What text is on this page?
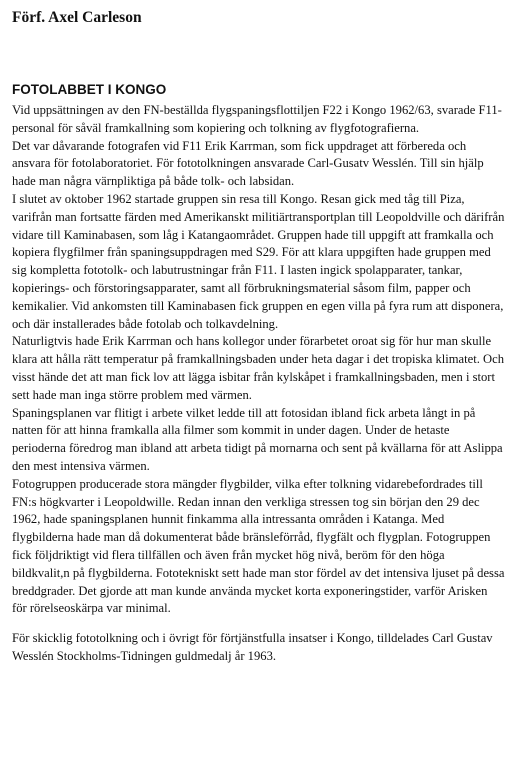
Förf. Axel Carleson
FOTOLABBET I KONGO
Vid uppsättningen av den FN-beställda flygspaningsflottiljen F22 i Kongo 1962/63, svarade F11-
personal för såväl framkallning som kopiering och tolkning av flygfotografierna.
Det var dåvarande fotografen vid F11 Erik Karrman, som fick uppdraget att förbereda och
ansvara för fotolaboratoriet. För fototolkningen ansvarade Carl-Gusatv Wesslén. Till sin hjälp
hade man några värnpliktiga på både tolk- och labsidan.
I slutet av oktober 1962 startade gruppen sin resa till Kongo. Resan gick med tåg till Piza,
varifrån man fortsatte färden med Amerikanskt militiärtransportplan till Leopoldville och därifrån
vidare till Kaminabasen, som låg i Katangaområdet. Gruppen hade till uppgift att framkalla och
kopiera flygfilmer från spaningsuppdragen med S29. För att klara uppgiften hade gruppen med
sig kompletta fototolk- och labutrustningar från F11. I lasten ingick spolapparater, tankar,
kopierings- och förstoringsapparater, samt all förbrukningsmaterial såsom film, papper och
kemikalier. Vid ankomsten till Kaminabasen fick gruppen en egen villa på fyra rum att disponera,
och där installerades både fotolab och tolkavdelning.
Naturligtvis hade Erik Karrman och hans kollegor under förarbetet oroat sig för hur man skulle
klara att hålla rätt temperatur på framkallningsbaden under heta dagar i det tropiska klimatet. Och
visst hände det att man fick lov att lägga isbitar från kylskåpet i framkallningsbaden, men i stort
sett hade man inga större problem med värmen.
Spaningsplanen var flitigt i arbete vilket ledde till att fotosidan ibland fick arbeta långt in på
natten för att hinna framkalla alla filmer som kommit in under dagen. Under de hetaste
perioderna föredrog man ibland att arbeta tidigt på mornarna och sent på kvällarna för att Aslippa
den mest intensiva värmen.
Fotogruppen producerade stora mängder flygbilder, vilka efter tolkning vidarebefordrades till
FN:s högkvarter i Leopoldwille. Redan innan den verkliga stressen tog sin början den 29 dec
1962, hade spaningsplanen hunnit finkamma alla intressanta områden i Katanga. Med
flygbilderna hade man då dokumenterat både bränsleförråd, flygfält och flygplan. Fotogruppen
fick följdriktigt vid flera tillfällen och även från mycket hög nivå, beröm för den höga
bildkvalit,n på flygbilderna. Fototekniskt sett hade man stor fördel av det intensiva ljuset på dessa
breddgrader. Det gjorde att man kunde använda mycket korta exponeringstider, varför Arisken
för rörelseoskärpa var minimal.
För skicklig fototolkning och i övrigt för förtjänstfulla insatser i Kongo, tilldelades Carl Gustav
Wesslén Stockholms-Tidningen guldmedalj år 1963.
